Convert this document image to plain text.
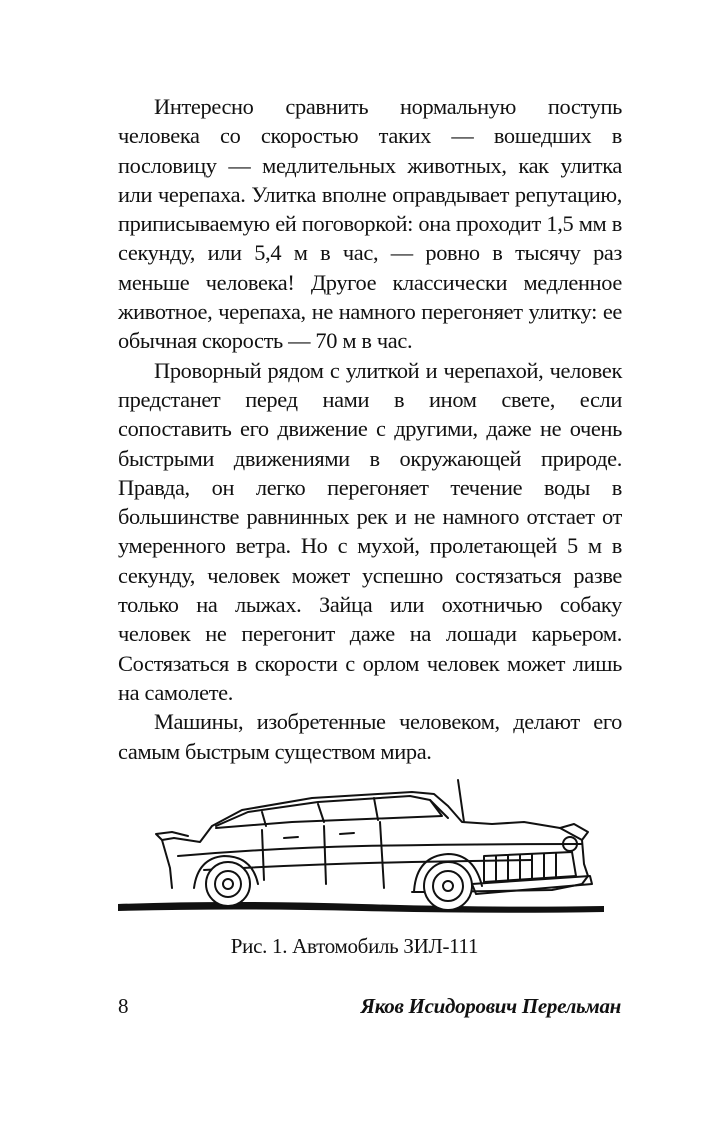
Интересно сравнить нормальную поступь человека со скоростью таких — вошедших в пословицу — медлительных животных, как улитка или черепаха. Улитка вполне оправдывает репутацию, приписываемую ей поговоркой: она проходит 1,5 мм в секунду, или 5,4 м в час, — ровно в тысячу раз меньше человека! Другое классически медленное животное, черепаха, не намного перегоняет улитку: ее обычная скорость — 70 м в час.

Проворный рядом с улиткой и черепахой, человек предстанет перед нами в ином свете, если сопоставить его движение с другими, даже не очень быстрыми движениями в окружающей природе. Правда, он легко перегоняет течение воды в большинстве равнинных рек и не намного отстает от умеренного ветра. Но с мухой, пролетающей 5 м в секунду, человек может успешно состязаться разве только на лыжах. Зайца или охотничью собаку человек не перегонит даже на лошади карьером. Состязаться в скорости с орлом человек может лишь на самолете.

Машины, изобретенные человеком, делают его самым быстрым существом мира.

Рис. 1. Автомобиль ЗИЛ-111
8	Яков Исидорович Перельман
